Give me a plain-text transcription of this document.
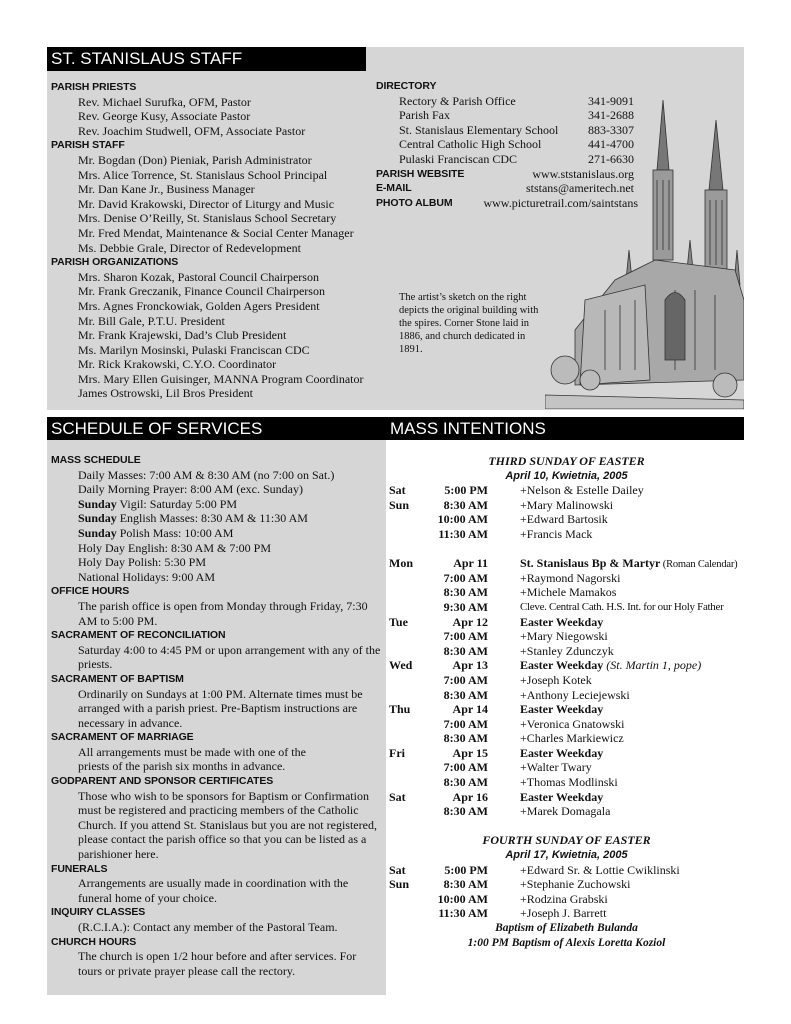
ST. STANISLAUS STAFF
SCHEDULE OF SERVICES	MASS INTENTIONS
PARISH PRIESTS
Rev. Michael Surufka, OFM, Pastor
Rev. George Kusy, Associate Pastor
Rev. Joachim Studwell, OFM, Associate Pastor
PARISH STAFF
Mr. Bogdan (Don) Pieniak, Parish Administrator
Mrs. Alice Torrence, St. Stanislaus School Principal
Mr. Dan Kane Jr., Business Manager
Mr. David Krakowski, Director of Liturgy and Music
Mrs. Denise O’Reilly, St. Stanislaus School Secretary
Mr. Fred Mendat, Maintenance & Social Center Manager
Ms. Debbie Grale, Director of Redevelopment
PARISH ORGANIZATIONS
Mrs. Sharon Kozak, Pastoral Council Chairperson
Mr. Frank Greczanik, Finance Council Chairperson
Mrs. Agnes Fronckowiak, Golden Agers President
Mr. Bill Gale, P.T.U. President
Mr. Frank Krajewski, Dad’s Club President
Ms. Marilyn Mosinski, Pulaski Franciscan CDC
Mr. Rick Krakowski, C.Y.O. Coordinator
Mrs. Mary Ellen Guisinger, MANNA Program Coordinator
James Ostrowski, Lil Bros President
DIRECTORY
Rectory & Parish Office	341-9091
Parish Fax	341-2688
St. Stanislaus Elementary School	883-3307
Central Catholic High School	441-4700
Pulaski Franciscan CDC	271-6630
PARISH WEBSITE	www.ststanislaus.org
E-MAIL	ststans@ameritech.net
PHOTO ALBUM	www.picturetrail.com/saintstans
The artist’s sketch on the right depicts the original building with the spires. Corner Stone laid in 1886, and church dedicated in 1891.
MASS SCHEDULE
Daily Masses: 7:00 AM & 8:30 AM (no 7:00 on Sat.)
Daily Morning Prayer: 8:00 AM (exc. Sunday)
Sunday Vigil: Saturday 5:00 PM
Sunday English Masses: 8:30 AM & 11:30 AM
Sunday Polish Mass: 10:00 AM
Holy Day English: 8:30 AM & 7:00 PM
Holy Day Polish: 5:30 PM
National Holidays: 9:00 AM
OFFICE HOURS
The parish office is open from Monday through Friday, 7:30 AM to 5:00 PM.
SACRAMENT OF RECONCILIATION
Saturday 4:00 to 4:45 PM or upon arrangement with any of the priests.
SACRAMENT OF BAPTISM
Ordinarily on Sundays at 1:00 PM. Alternate times must be arranged with a parish priest. Pre-Baptism instructions are necessary in advance.
SACRAMENT OF MARRIAGE
All arrangements must be made with one of the priests of the parish six months in advance.
GODPARENT AND SPONSOR CERTIFICATES
Those who wish to be sponsors for Baptism or Confirmation must be registered and practicing members of the Catholic Church. If you attend St. Stanislaus but you are not registered, please contact the parish office so that you can be listed as a parishioner here.
FUNERALS
Arrangements are usually made in coordination with the funeral home of your choice.
INQUIRY CLASSES
(R.C.I.A.): Contact any member of the Pastoral Team.
CHURCH HOURS
The church is open 1/2 hour before and after services. For tours or private prayer please call the rectory.
THIRD SUNDAY OF EASTER
April 10, Kwietnia, 2005
Sat	5:00 PM	+Nelson & Estelle Dailey
Sun	8:30 AM	+Mary Malinowski
10:00 AM	+Edward Bartosik
11:30 AM	+Francis Mack
Mon	Apr 11	St. Stanislaus Bp & Martyr (Roman Calendar)
7:00 AM	+Raymond Nagorski
8:30 AM	+Michele Mamakos
9:30 AM	Cleve. Central Cath. H.S. Int. for our Holy Father
Tue	Apr 12	Easter Weekday
7:00 AM	+Mary Niegowski
8:30 AM	+Stanley Zdunczyk
Wed	Apr 13	Easter Weekday (St. Martin 1, pope)
7:00 AM	+Joseph Kotek
8:30 AM	+Anthony Leciejewski
Thu	Apr 14	Easter Weekday
7:00 AM	+Veronica Gnatowski
8:30 AM	+Charles Markiewicz
Fri	Apr 15	Easter Weekday
7:00 AM	+Walter Twary
8:30 AM	+Thomas Modlinski
Sat	Apr 16	Easter Weekday
8:30 AM	+Marek Domagala
FOURTH SUNDAY OF EASTER
April 17, Kwietnia, 2005
Sat	5:00 PM	+Edward Sr. & Lottie Cwiklinski
Sun	8:30 AM	+Stephanie Zuchowski
10:00 AM	+Rodzina Grabski
11:30 AM	+Joseph J. Barrett
Baptism of Elizabeth Bulanda
1:00 PM Baptism of Alexis Loretta Koziol
